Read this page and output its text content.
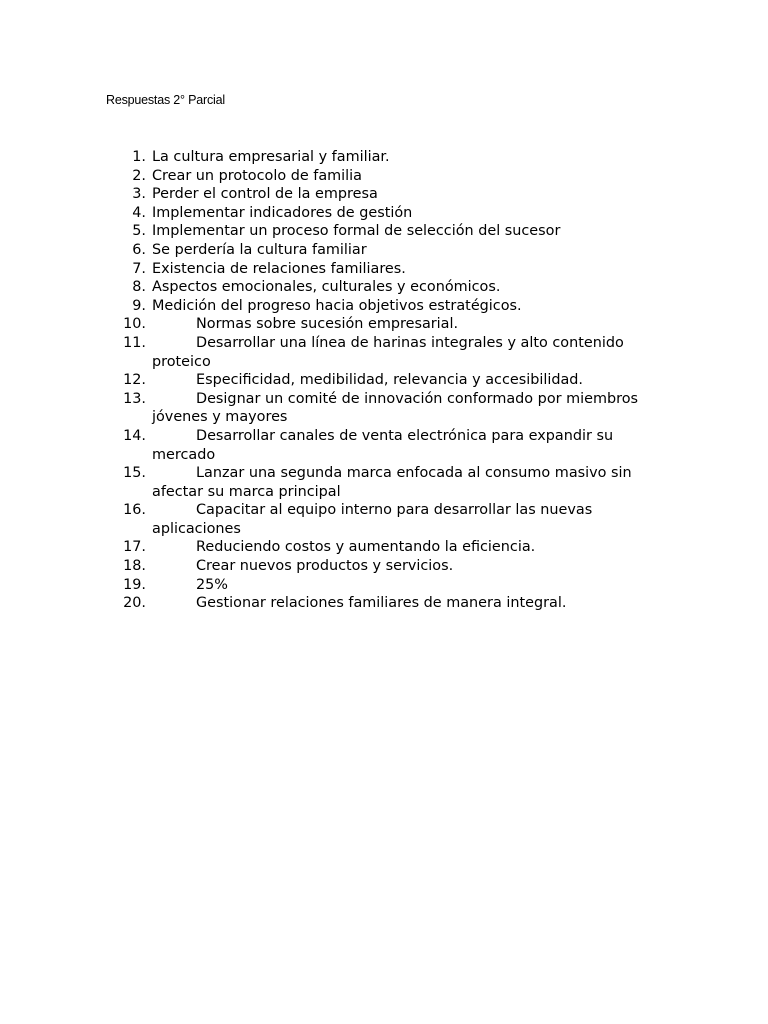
Respuestas 2° Parcial
1. La cultura empresarial y familiar.
2. Crear un protocolo de familia
3. Perder el control de la empresa
4. Implementar indicadores de gestión
5. Implementar un proceso formal de selección del sucesor
6. Se perdería la cultura familiar
7. Existencia de relaciones familiares.
8. Aspectos emocionales, culturales y económicos.
9. Medición del progreso hacia objetivos estratégicos.
10.	Normas sobre sucesión empresarial.
11.	Desarrollar una línea de harinas integrales y alto contenido proteico
12.	Especificidad, medibilidad, relevancia y accesibilidad.
13.	Designar un comité de innovación conformado por miembros jóvenes y mayores
14.	Desarrollar canales de venta electrónica para expandir su mercado
15.	Lanzar una segunda marca enfocada al consumo masivo sin afectar su marca principal
16.	Capacitar al equipo interno para desarrollar las nuevas aplicaciones
17.	Reduciendo costos y aumentando la eficiencia.
18.	Crear nuevos productos y servicios.
19.	25%
20.	Gestionar relaciones familiares de manera integral.
